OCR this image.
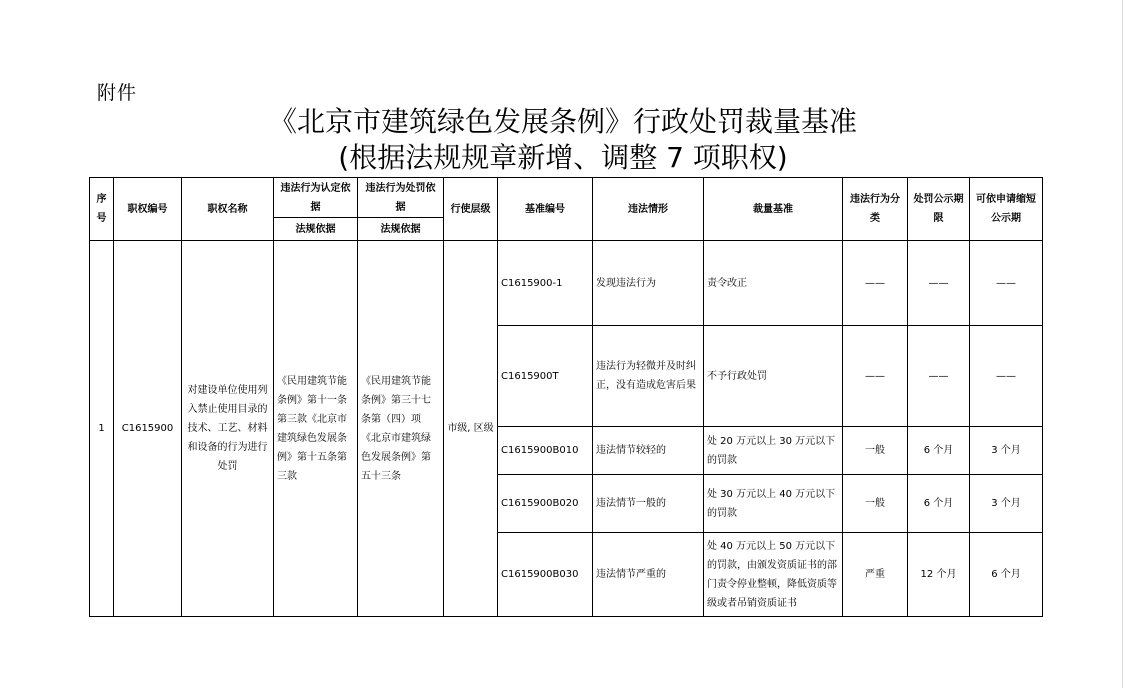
附件
《北京市建筑绿色发展条例》行政处罚裁量基准
(根据法规规章新增、调整 7 项职权)
序号	职权编号	职权名称	违法行为认定依据	违法行为处罚依据	行使层级	基准编号	违法情形	裁量基准	违法行为分类	处罚公示期限	可依申请缩短公示期
			法规依据	法规依据							
1	C1615900	对建设单位使用列入禁止使用目录的技术、工艺、材料和设备的行为进行处罚	《民用建筑节能条例》第十一条第三款《北京市建筑绿色发展条例》第十五条第三款	《民用建筑节能条例》第三十七条第（四）项《北京市建筑绿色发展条例》第五十三条	市级, 区级	C1615900-1	发现违法行为	责令改正	——	——	——
						C1615900T	违法行为轻微并及时纠正，没有造成危害后果	不予行政处罚	——	——	——
						C1615900B010	违法情节较轻的	处 20 万元以上 30 万元以下的罚款	一般	6 个月	3 个月
						C1615900B020	违法情节一般的	处 30 万元以上 40 万元以下的罚款	一般	6 个月	3 个月
						C1615900B030	违法情节严重的	处 40 万元以上 50 万元以下的罚款，由颁发资质证书的部门责令停业整顿，降低资质等级或者吊销资质证书	严重	12 个月	6 个月
